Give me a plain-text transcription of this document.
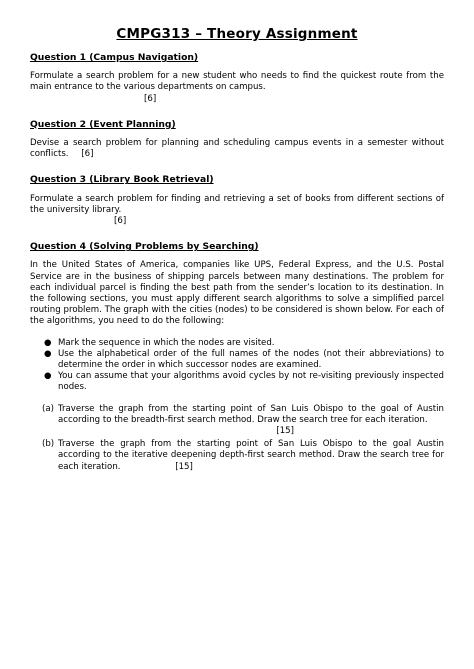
CMPG313 – Theory Assignment
Question 1 (Campus Navigation)

Formulate a search problem for a new student who needs to find the quickest route from the main entrance to the various departments on campus.

[6]
Question 2 (Event Planning)

Devise a search problem for planning and scheduling campus events in a semester without conflicts. [6]

Question 3 (Library Book Retrieval)

Formulate a search problem for finding and retrieving a set of books from different sections of the university library.

[6]
Question 4 (Solving Problems by Searching)

In the United States of America, companies like UPS, Federal Express, and the U.S. Postal Service are in the business of shipping parcels between many destinations. The problem for each individual parcel is finding the best path from the sender’s location to its destination. In the following sections, you must apply different search algorithms to solve a simplified parcel routing problem. The graph with the cities (nodes) to be considered is shown below. For each of the algorithms, you need to do the following:

● Mark the sequence in which the nodes are visited.
● Use the alphabetical order of the full names of the nodes (not their abbreviations) to determine the order in which successor nodes are examined.
● You can assume that your algorithms avoid cycles by not re-visiting previously inspected nodes.
(a) Traverse the graph from the starting point of San Luis Obispo to the goal of Austin according to the breadth-first search method. Draw the search tree for each iteration.
[15]
(b) Traverse the graph from the starting point of San Luis Obispo to the goal Austin according to the iterative deepening depth-first search method. Draw the search tree for each iteration.	[15]
